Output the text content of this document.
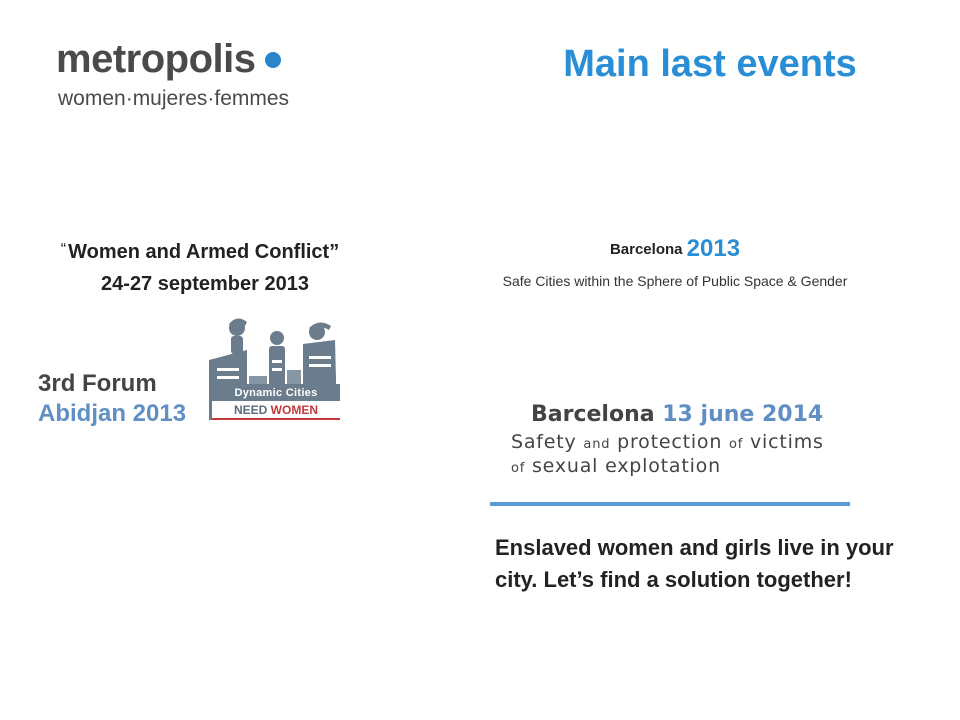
metropolis
women·mujeres·femmes
Main last events
“ Women and Armed Conflict”
24-27 september 2013
3rd Forum
Abidjan 2013
Dynamic Cities
NEED WOMEN
Barcelona 2013
Safe Cities within the Sphere of Public Space & Gender
Barcelona 13 june 2014
Safety and protection of victims
of sexual explotation
Enslaved women and girls live in your city. Let’s find a solution together!
